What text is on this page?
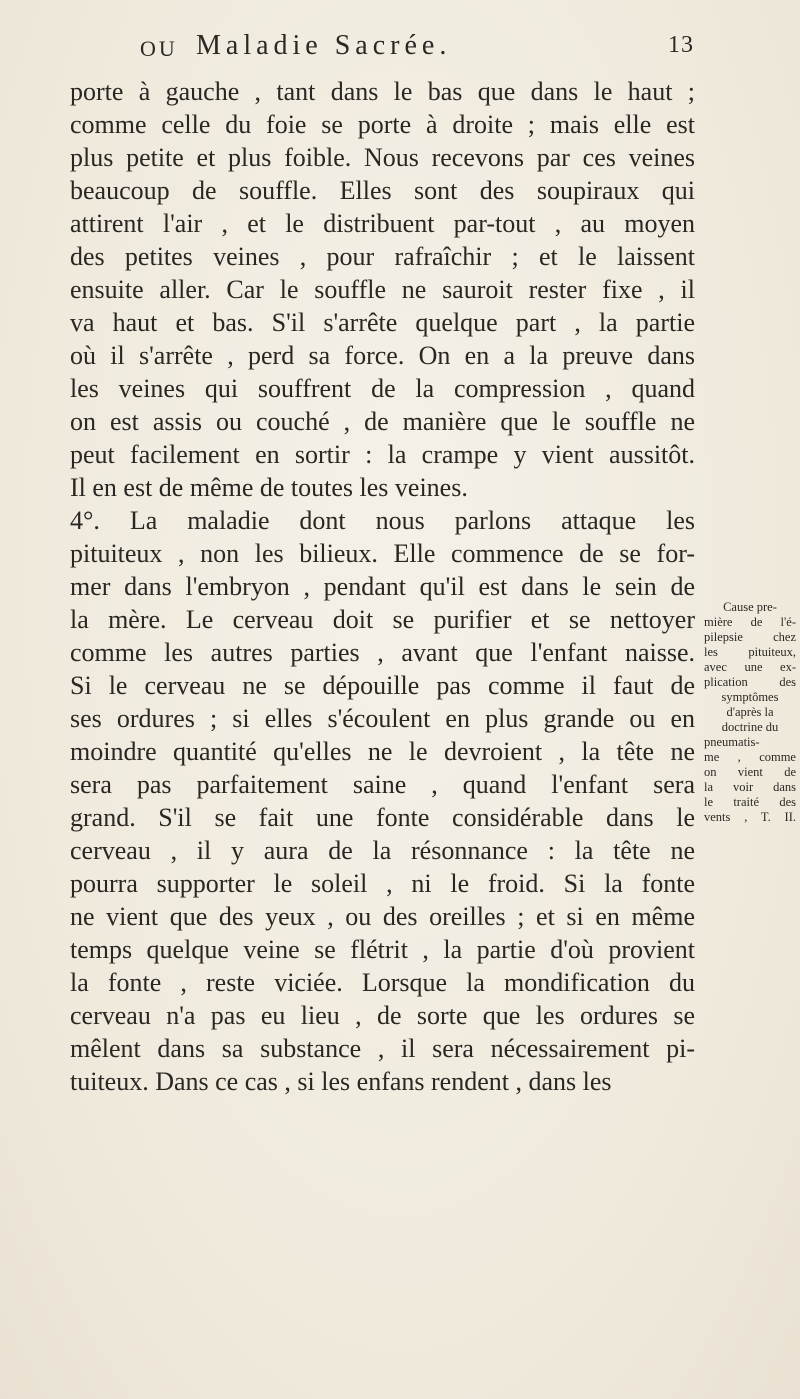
OU Maladie Sacrée.	13
porte à gauche , tant dans le bas que dans le haut ;
comme celle du foie se porte à droite ; mais elle est
plus petite et plus foible. Nous recevons par ces veines
beaucoup de souffle. Elles sont des soupiraux qui
attirent l'air , et le distribuent par-tout , au moyen
des petites veines , pour rafraîchir ; et le laissent
ensuite aller. Car le souffle ne sauroit rester fixe , il
va haut et bas. S'il s'arrête quelque part , la partie
où il s'arrête , perd sa force. On en a la preuve dans
les veines qui souffrent de la compression , quand
on est assis ou couché , de manière que le souffle ne
peut facilement en sortir : la crampe y vient aussitôt.
Il en est de même de toutes les veines.
4°. La maladie dont nous parlons attaque les
pituiteux , non les bilieux. Elle commence de se for-
mer dans l'embryon , pendant qu'il est dans le sein de
la mère. Le cerveau doit se purifier et se nettoyer
comme les autres parties , avant que l'enfant naisse.
Si le cerveau ne se dépouille pas comme il faut de
ses ordures ; si elles s'écoulent en plus grande ou en
moindre quantité qu'elles ne le devroient , la tête ne
sera pas parfaitement saine , quand l'enfant sera
grand. S'il se fait une fonte considérable dans le
cerveau , il y aura de la résonnance : la tête ne
pourra supporter le soleil , ni le froid. Si la fonte
ne vient que des yeux , ou des oreilles ; et si en même
temps quelque veine se flétrit , la partie d'où provient
la fonte , reste viciée. Lorsque la mondification du
cerveau n'a pas eu lieu , de sorte que les ordures se
mêlent dans sa substance , il sera nécessairement pi-
tuiteux. Dans ce cas , si les enfans rendent , dans les
Cause pre-
mière de l'é-
pilepsie chez
les pituiteux,
avec une ex-
plication des
symptômes
d'après la
doctrine du
pneumatis-
me , comme
on vient de
la voir dans
le traité des
vents , T. II.
